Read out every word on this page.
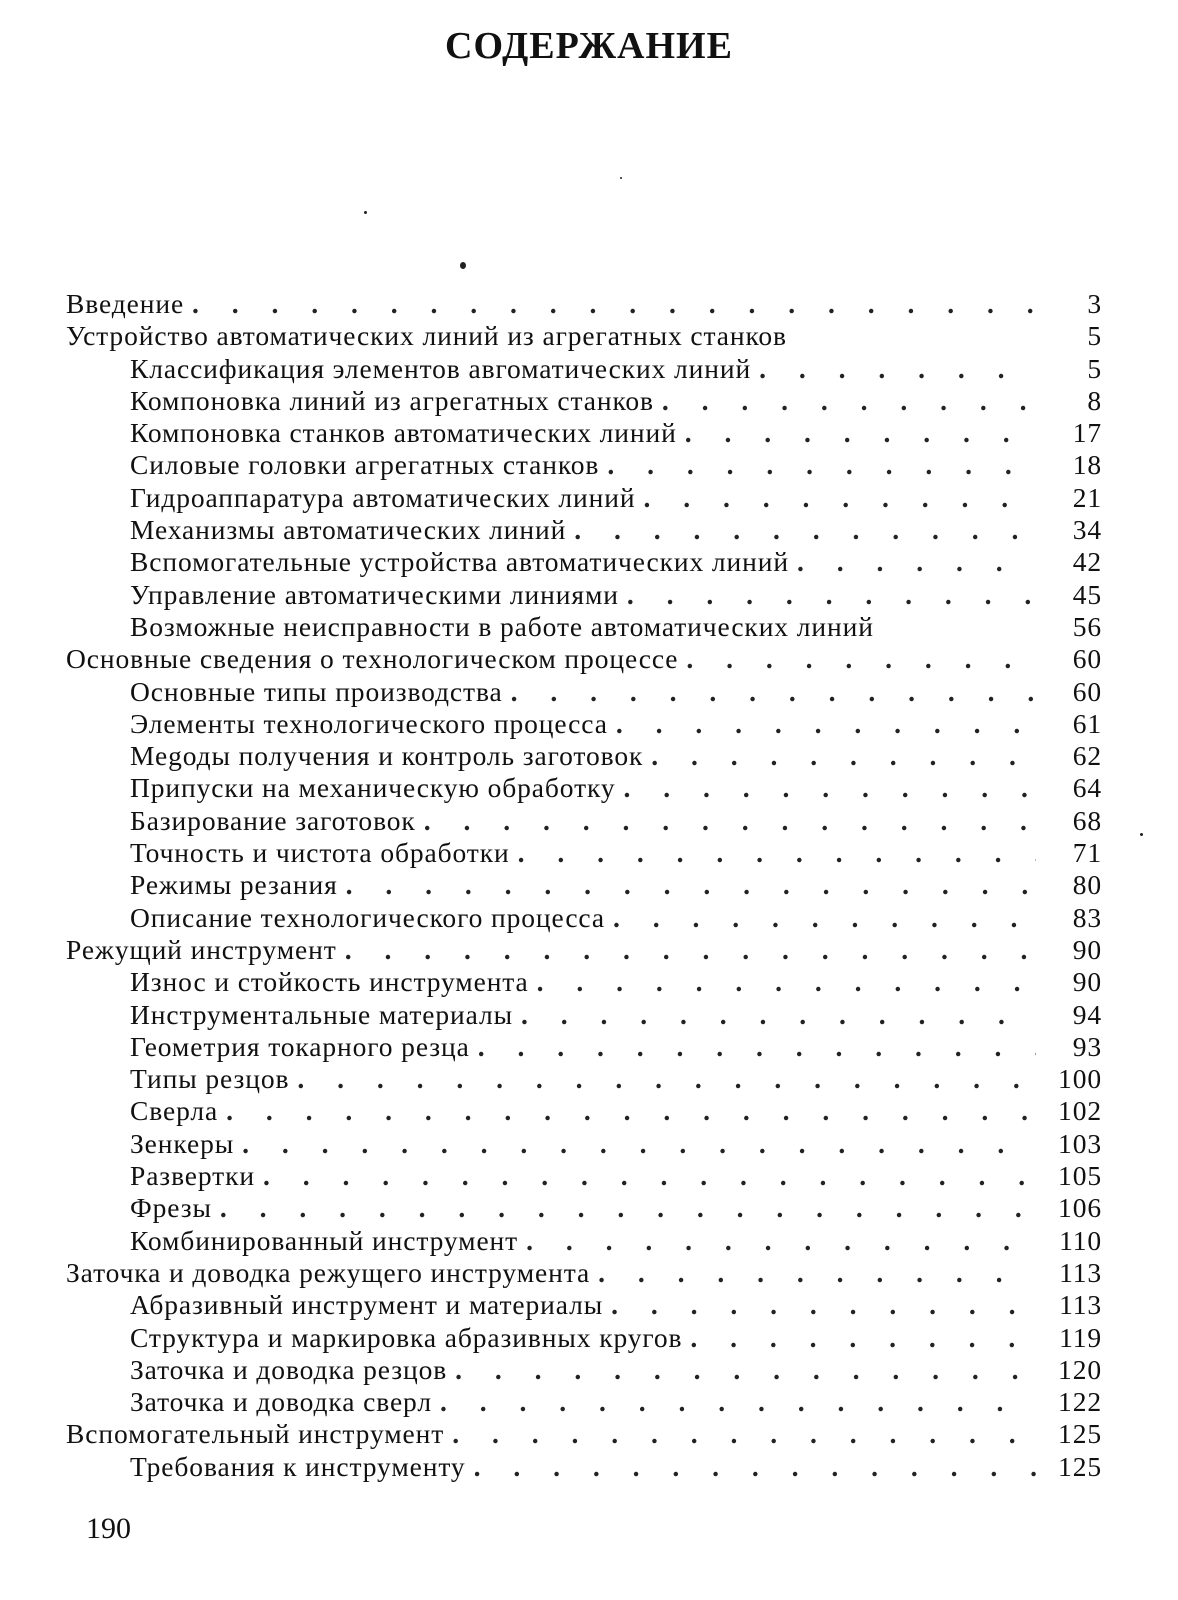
СОДЕРЖАНИЕ
Введение . . .	3
Устройство автоматических линий из агрегатных станков	5
Классификация элементов авгоматических линий . . .	5
Компоновка линий из агрегатных станков . . .	8
Компоновка станков автоматических линий . . .	17
Силовые головки агрегатных станков . . .	18
Гидроаппаратура автоматических линий . . .	21
Механизмы автоматических линий . . .	34
Вспомогательные устройства автоматических линий . . .	42
Управление автоматическими линиями . . .	45
Возможные неисправности в работе автоматических линий	56
Основные сведения о технологическом процессе . . .	60
Основные типы производства . . .	60
Элементы технологического процесса . . .	61
Меgоды получения и контроль заготовок . . .	62
Припуски на механическую обработку . . .	64
Базирование заготовок . . .	68
Точность и чистота обработки . . .	71
Режимы резания . . .	80
Описание технологического процесса . . .	83
Режущий инструмент . . .	90
Износ и стойкость инструмента . . .	90
Инструментальные материалы . . .	94
Геометрия токарного резца . . .	93
Типы резцов . . .	100
Сверла . . .	102
Зенкеры . . .	103
Развертки . . .	105
Фрезы . . .	106
Комбинированный инструмент . . .	110
Заточка и доводка режущего инструмента . . .	113
Абразивный инструмент и материалы . . .	113
Структура и маркировка абразивных кругов . . .	119
Заточка и доводка резцов . . .	120
Заточка и доводка сверл . . .	122
Вспомогательный инструмент . . .	125
Требования к инструменту . . .	125
190
